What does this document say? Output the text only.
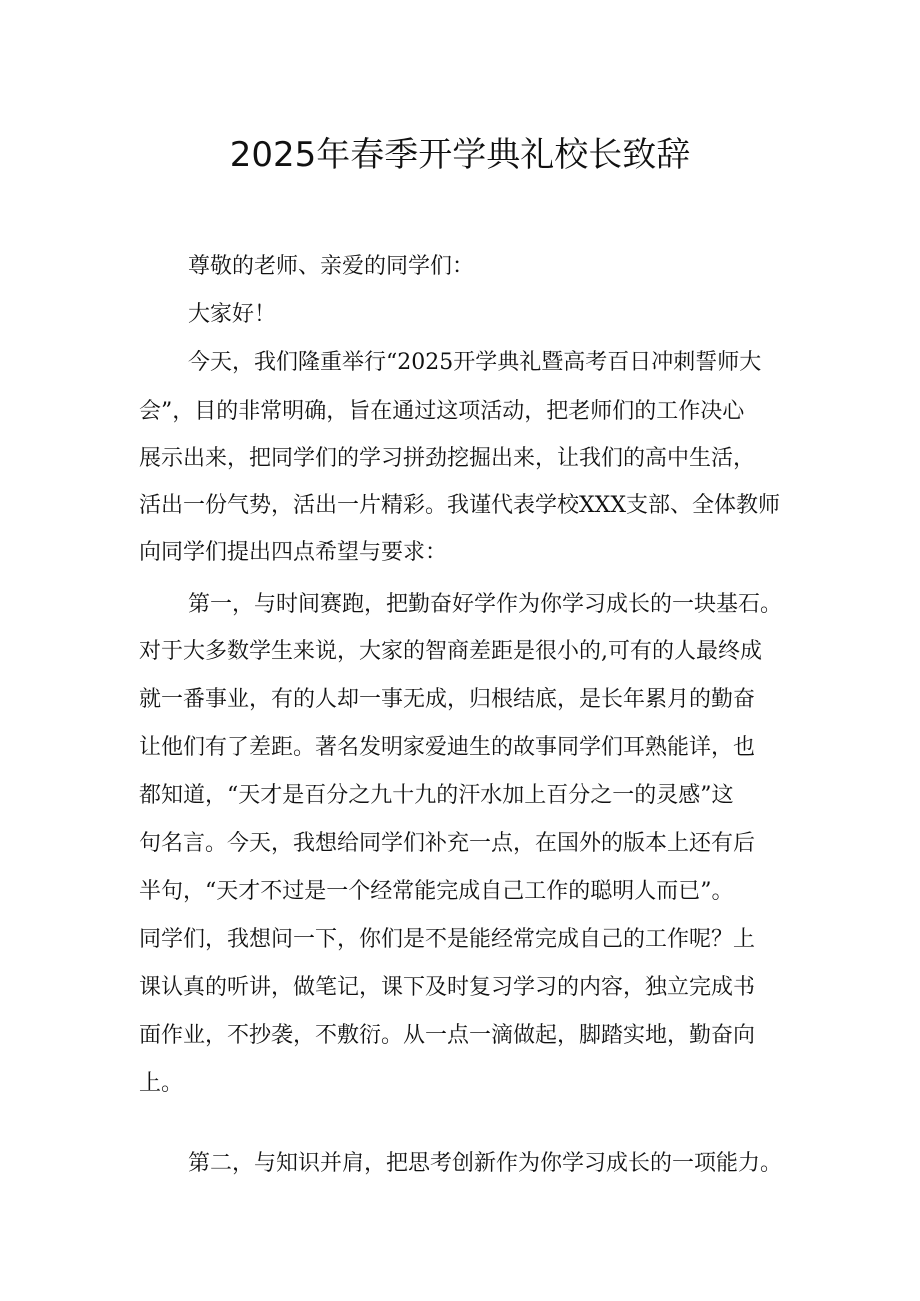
2025年春季开学典礼校长致辞
尊敬的老师、亲爱的同学们：
大家好！
今天，我们隆重举行“2025开学典礼暨高考百日冲刺誓师大
会”，目的非常明确，旨在通过这项活动，把老师们的工作决心
展示出来，把同学们的学习拼劲挖掘出来，让我们的高中生活，
活出一份气势，活出一片精彩。我谨代表学校XXX支部、全体教师
向同学们提出四点希望与要求：
第一，与时间赛跑，把勤奋好学作为你学习成长的一块基石。
对于大多数学生来说，大家的智商差距是很小的,可有的人最终成
就一番事业，有的人却一事无成，归根结底，是长年累月的勤奋
让他们有了差距。著名发明家爱迪生的故事同学们耳熟能详，也
都知道，“天才是百分之九十九的汗水加上百分之一的灵感”这
句名言。今天，我想给同学们补充一点，在国外的版本上还有后
半句，“天才不过是一个经常能完成自己工作的聪明人而已”。
同学们，我想问一下，你们是不是能经常完成自己的工作呢？上
课认真的听讲，做笔记，课下及时复习学习的内容，独立完成书
面作业，不抄袭，不敷衍。从一点一滴做起，脚踏实地，勤奋向
上。
第二，与知识并肩，把思考创新作为你学习成长的一项能力。
